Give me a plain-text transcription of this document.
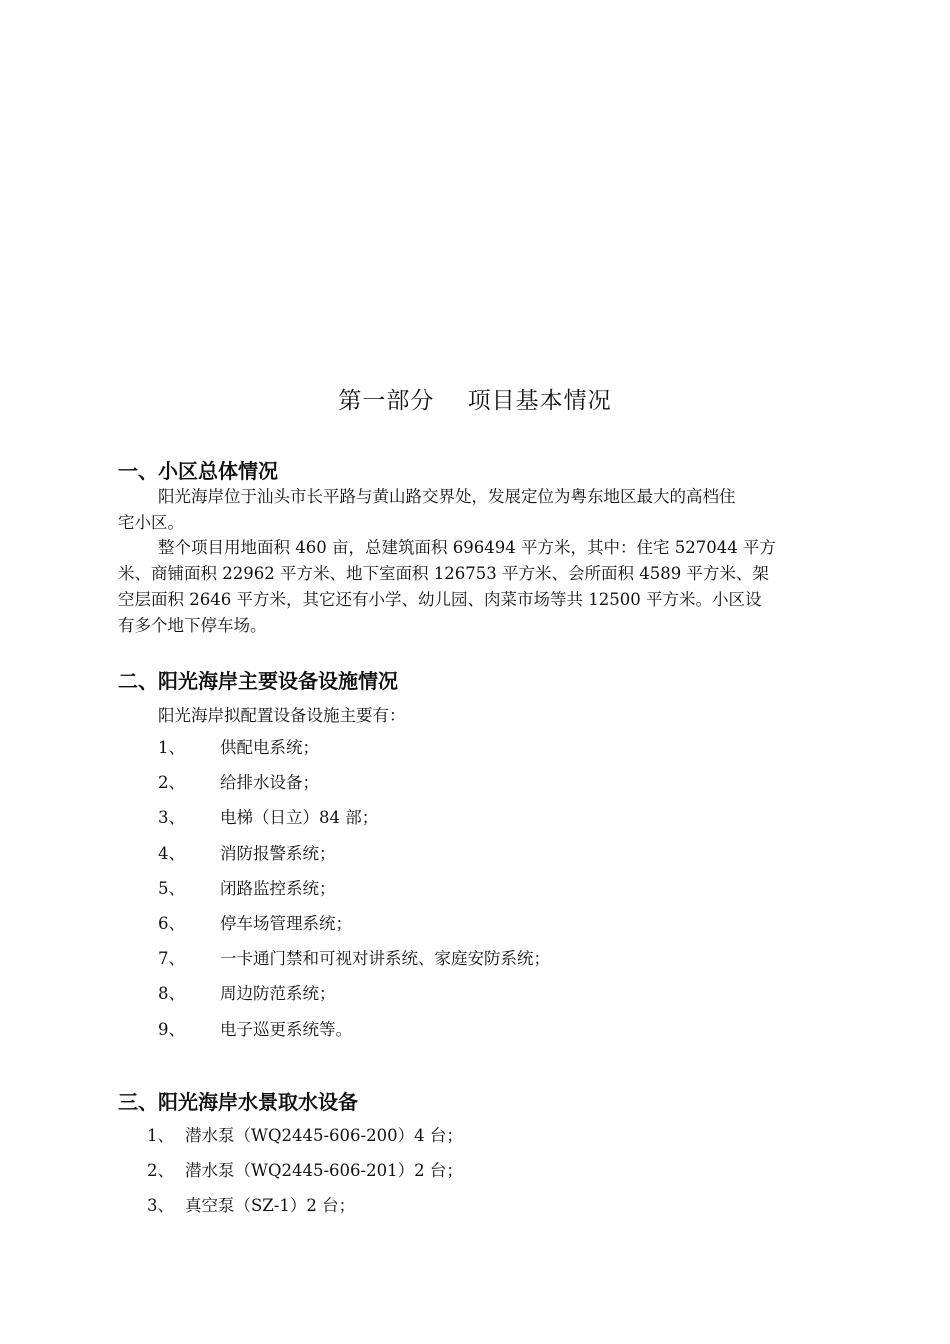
第一部分    项目基本情况
一、小区总体情况
阳光海岸位于汕头市长平路与黄山路交界处，发展定位为粤东地区最大的高档住
宅小区。
整个项目用地面积 460 亩，总建筑面积 696494 平方米，其中：住宅 527044 平方
米、商铺面积 22962 平方米、地下室面积 126753 平方米、会所面积 4589 平方米、架
空层面积 2646 平方米，其它还有小学、幼儿园、肉菜市场等共 12500 平方米。小区设
有多个地下停车场。
二、阳光海岸主要设备设施情况
阳光海岸拟配置设备设施主要有：
1、	供配电系统；
2、	给排水设备；
3、	电梯（日立）84 部；
4、	消防报警系统；
5、	闭路监控系统；
6、	停车场管理系统；
7、	一卡通门禁和可视对讲系统、家庭安防系统；
8、	周边防范系统；
9、	电子巡更系统等。
三、阳光海岸水景取水设备
1、 潜水泵（WQ2445-606-200）4 台；
2、 潜水泵（WQ2445-606-201）2 台；
3、 真空泵（SZ-1）2 台；
